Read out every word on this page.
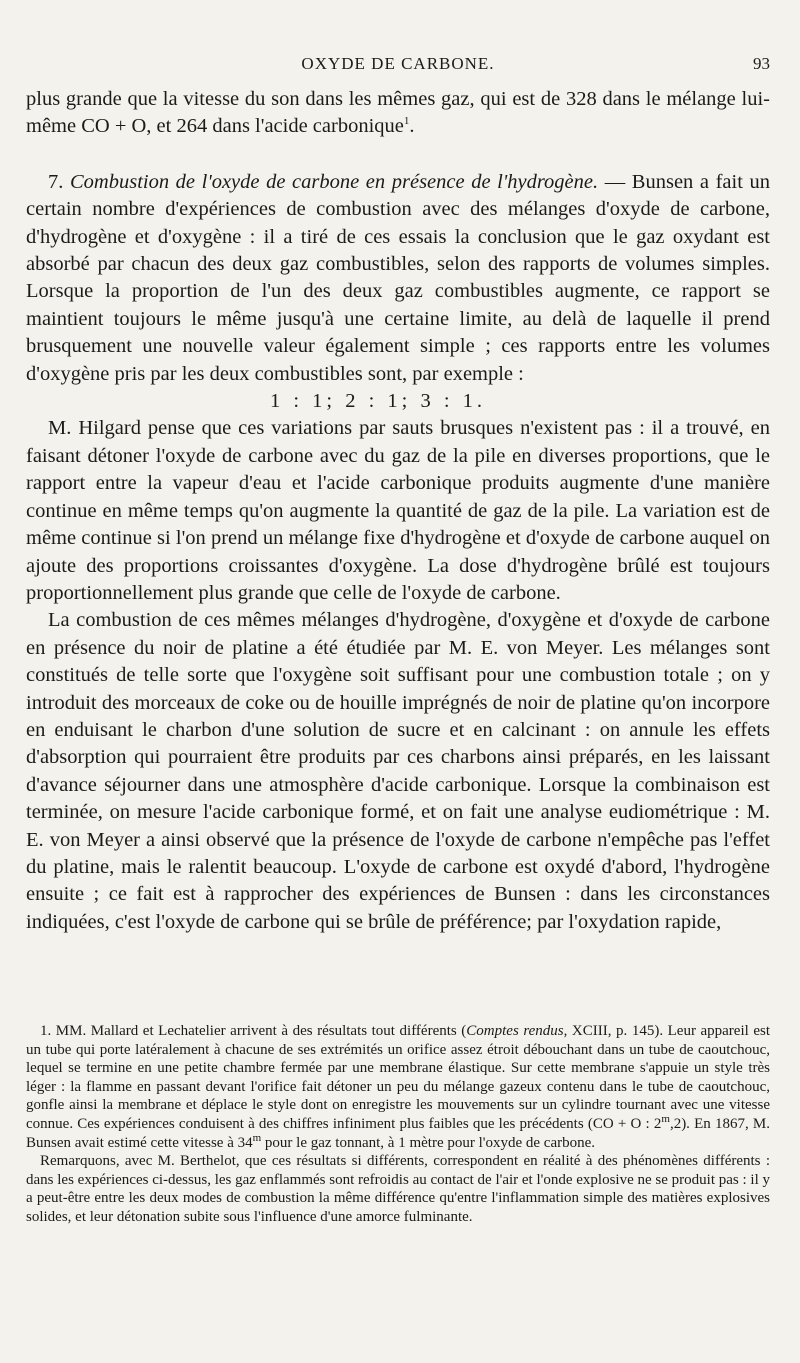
OXYDE DE CARBONE.	93

plus grande que la vitesse du son dans les mêmes gaz, qui est de 328 dans le mélange lui-même CO + O, et 264 dans l'acide carbonique$^1$.

7. Combustion de l'oxyde de carbone en présence de l'hydrogène. — Bunsen a fait un certain nombre d'expériences de combustion avec des mélanges d'oxyde de carbone, d'hydrogène et d'oxygène : il a tiré de ces essais la conclusion que le gaz oxydant est absorbé par chacun des deux gaz combustibles, selon des rapports de volumes simples. Lorsque la proportion de l'un des deux gaz combustibles augmente, ce rapport se maintient toujours le même jusqu'à une certaine limite, au delà de laquelle il prend brusquement une nouvelle valeur également simple ; ces rapports entre les volumes d'oxygène pris par les deux combustibles sont, par exemple :

1 : 1; 2 : 1; 3 : 1.

M. Hilgard pense que ces variations par sauts brusques n'existent pas : il a trouvé, en faisant détoner l'oxyde de carbone avec du gaz de la pile en diverses proportions, que le rapport entre la vapeur d'eau et l'acide carbonique produits augmente d'une manière continue en même temps qu'on augmente la quantité de gaz de la pile. La variation est de même continue si l'on prend un mélange fixe d'hydrogène et d'oxyde de carbone auquel on ajoute des proportions croissantes d'oxygène. La dose d'hydrogène brûlé est toujours proportionnellement plus grande que celle de l'oxyde de carbone.

La combustion de ces mêmes mélanges d'hydrogène, d'oxygène et d'oxyde de carbone en présence du noir de platine a été étudiée par M. E. von Meyer. Les mélanges sont constitués de telle sorte que l'oxygène soit suffisant pour une combustion totale ; on y introduit des morceaux de coke ou de houille imprégnés de noir de platine qu'on incorpore en enduisant le charbon d'une solution de sucre et en calcinant : on annule les effets d'absorption qui pourraient être produits par ces charbons ainsi préparés, en les laissant d'avance séjourner dans une atmosphère d'acide carbonique. Lorsque la combinaison est terminée, on mesure l'acide carbonique formé, et on fait une analyse eudiométrique : M. E. von Meyer a ainsi observé que la présence de l'oxyde de carbone n'empêche pas l'effet du platine, mais le ralentit beaucoup. L'oxyde de carbone est oxydé d'abord, l'hydrogène ensuite ; ce fait est à rapprocher des expériences de Bunsen : dans les circonstances indiquées, c'est l'oxyde de carbone qui se brûle de préférence; par l'oxydation rapide,

1. MM. Mallard et Lechatelier arrivent à des résultats tout différents (Comptes rendus, XCIII, p. 145). Leur appareil est un tube qui porte latéralement à chacune de ses extrémités un orifice assez étroit débouchant dans un tube de caoutchouc, lequel se termine en une petite chambre fermée par une membrane élastique. Sur cette membrane s'appuie un style très léger : la flamme en passant devant l'orifice fait détoner un peu du mélange gazeux contenu dans le tube de caoutchouc, gonfle ainsi la membrane et déplace le style dont on enregistre les mouvements sur un cylindre tournant avec une vitesse connue. Ces expériences conduisent à des chiffres infiniment plus faibles que les précédents (CO + O : 2$^m$,2). En 1867, M. Bunsen avait estimé cette vitesse à 34$^m$ pour le gaz tonnant, à 1 mètre pour l'oxyde de carbone.

Remarquons, avec M. Berthelot, que ces résultats si différents, correspondent en réalité à des phénomènes différents : dans les expériences ci-dessus, les gaz enflammés sont refroidis au contact de l'air et l'onde explosive ne se produit pas : il y a peut-être entre les deux modes de combustion la même différence qu'entre l'inflammation simple des matières explosives solides, et leur détonation subite sous l'influence d'une amorce fulminante.
